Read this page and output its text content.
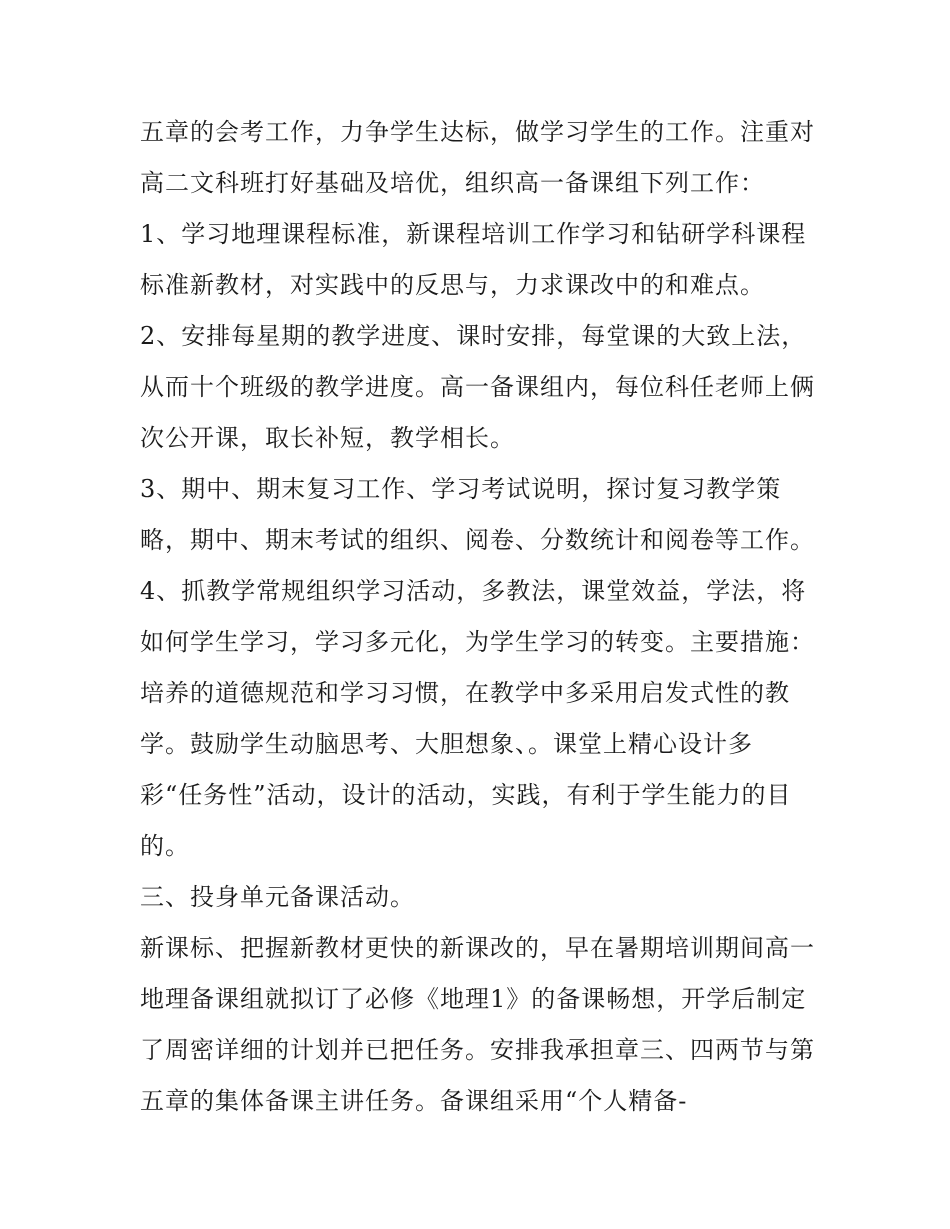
五章的会考工作，力争学生达标，做学习学生的工作。注重对
高二文科班打好基础及培优，组织高一备课组下列工作：
1、学习地理课程标准，新课程培训工作学习和钻研学科课程
标准新教材，对实践中的反思与，力求课改中的和难点。
2、安排每星期的教学进度、课时安排，每堂课的大致上法，
从而十个班级的教学进度。高一备课组内，每位科任老师上俩
次公开课，取长补短，教学相长。
3、期中、期末复习工作、学习考试说明，探讨复习教学策
略，期中、期末考试的组织、阅卷、分数统计和阅卷等工作。
4、抓教学常规组织学习活动，多教法，课堂效益，学法，将
如何学生学习，学习多元化，为学生学习的转变。主要措施：
培养的道德规范和学习习惯，在教学中多采用启发式性的教
学。鼓励学生动脑思考、大胆想象、。课堂上精心设计多
彩“任务性”活动，设计的活动，实践，有利于学生能力的目
的。
三、投身单元备课活动。
新课标、把握新教材更快的新课改的，早在暑期培训期间高一
地理备课组就拟订了必修《地理1》的备课畅想，开学后制定
了周密详细的计划并已把任务。安排我承担章三、四两节与第
五章的集体备课主讲任务。备课组采用“个人精备-
